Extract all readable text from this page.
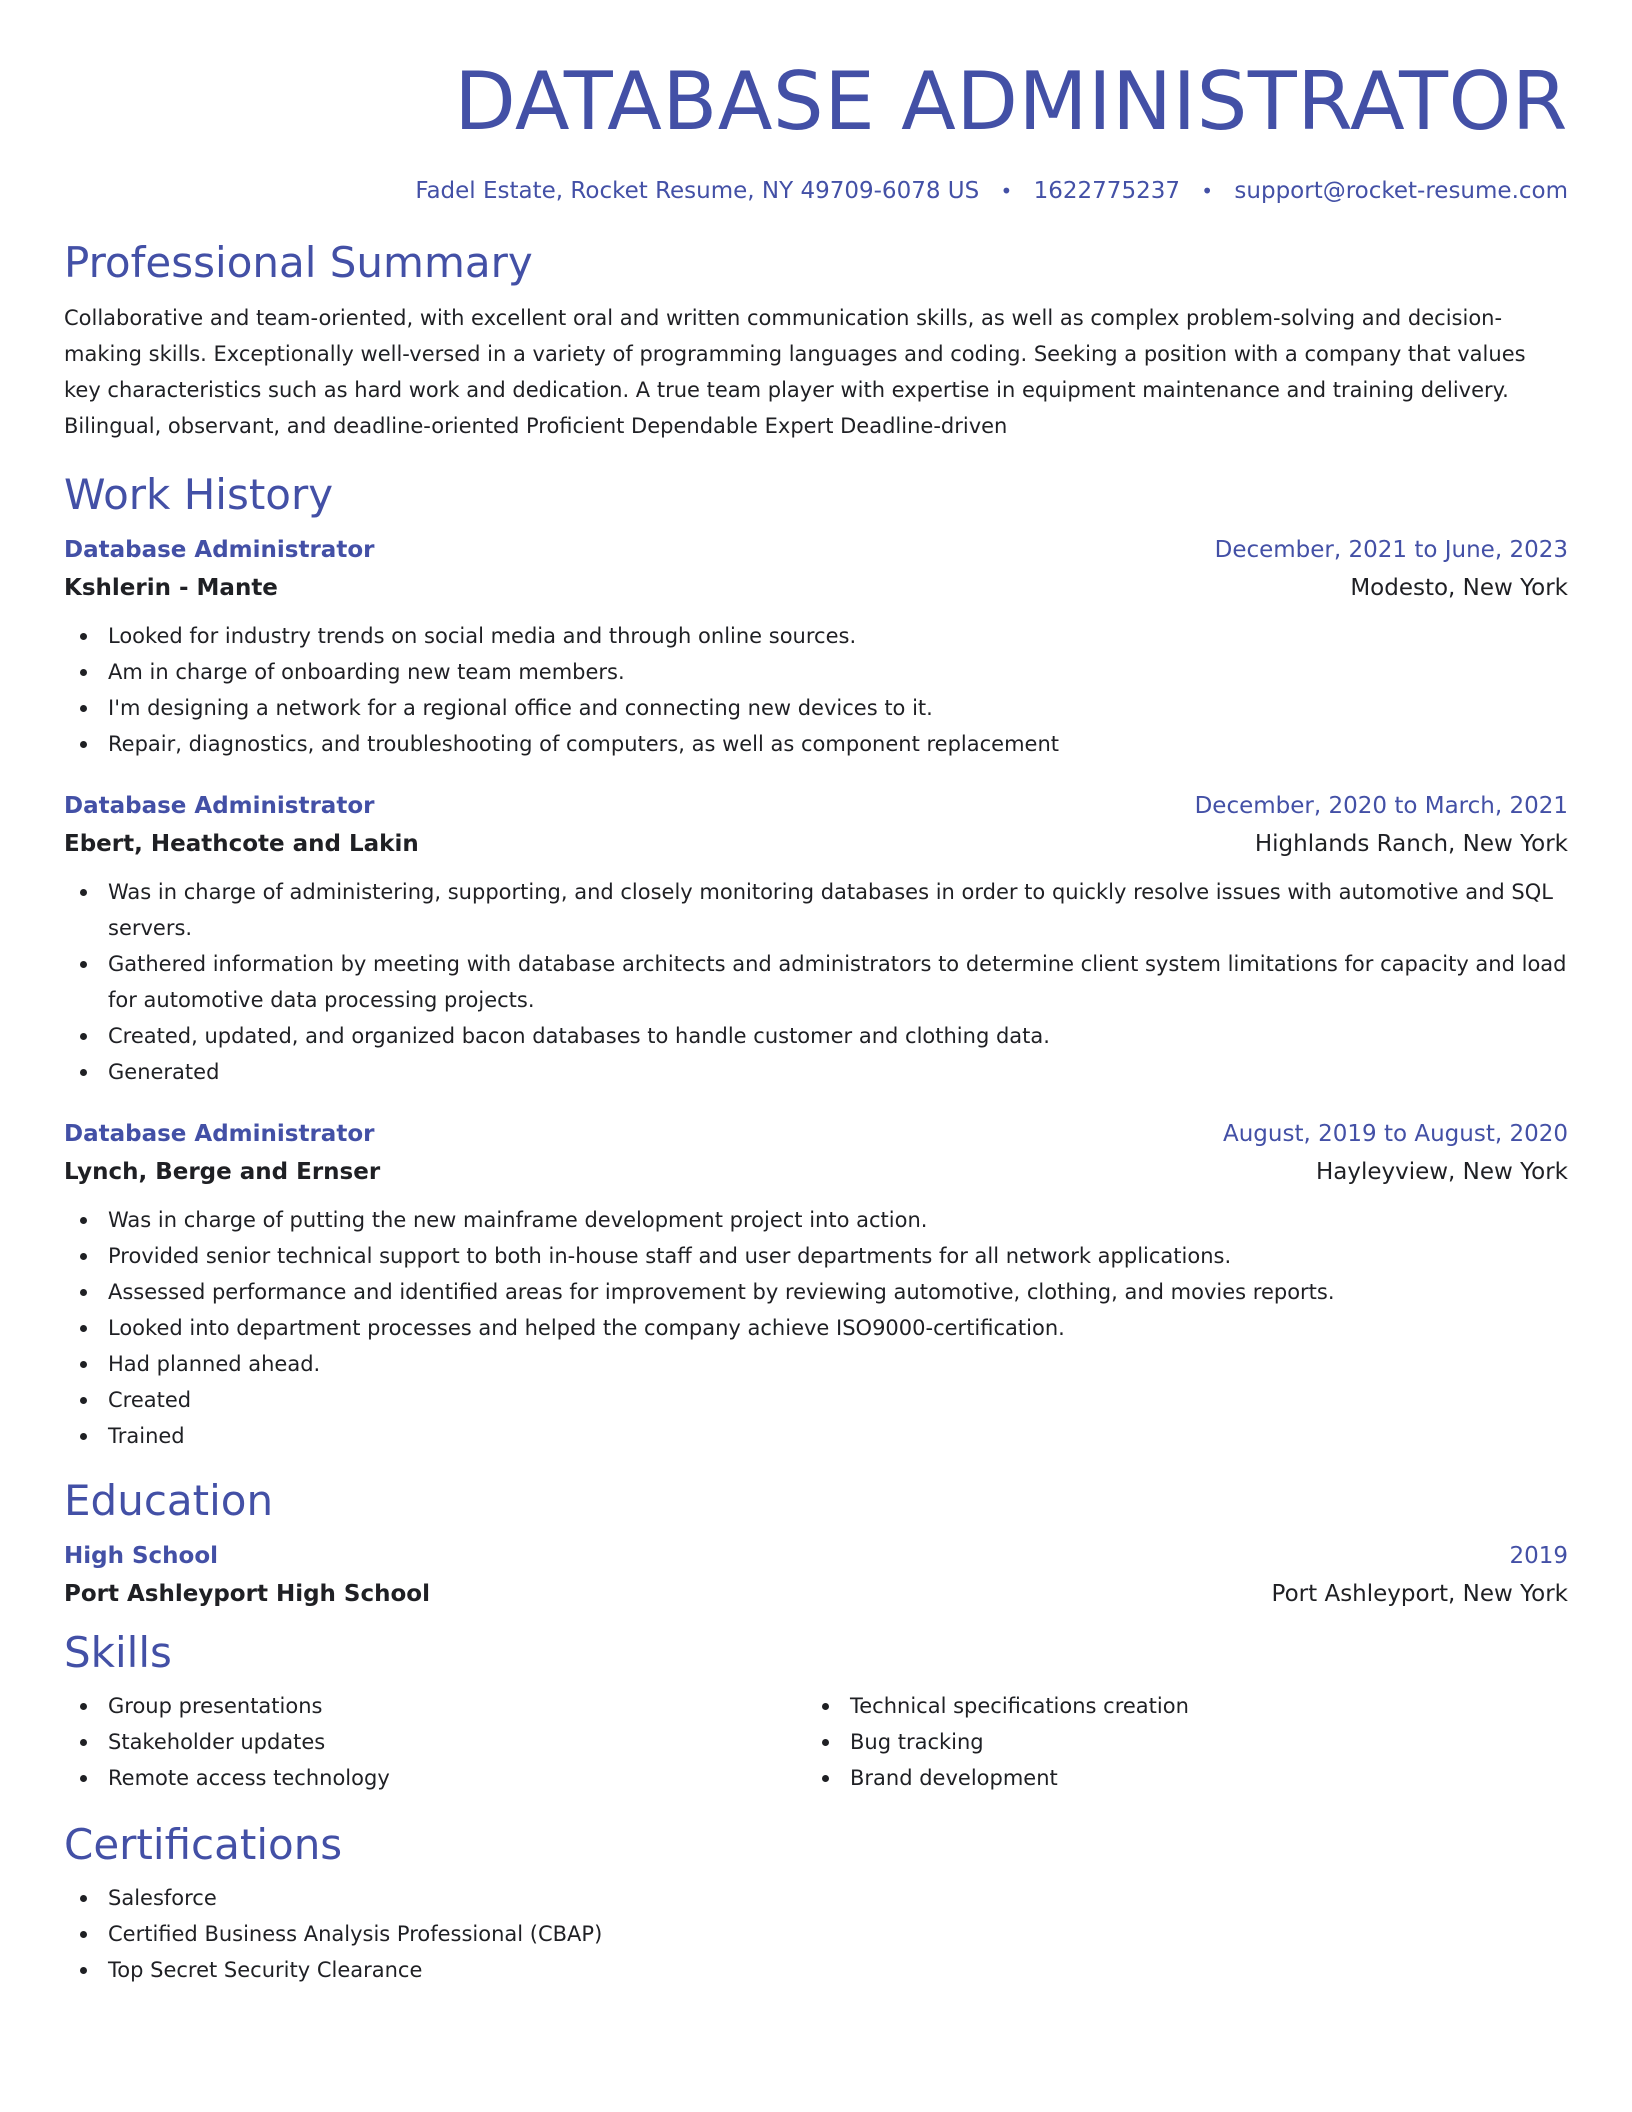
DATABASE ADMINISTRATOR
Fadel Estate, Rocket Resume, NY 49709-6078 US • 1622775237 • support@rocket-resume.com
Professional Summary

Collaborative and team-oriented, with excellent oral and written communication skills, as well as complex problem-solving and decision-making skills. Exceptionally well-versed in a variety of programming languages and coding. Seeking a position with a company that values key characteristics such as hard work and dedication. A true team player with expertise in equipment maintenance and training delivery. Bilingual, observant, and deadline-oriented Proficient Dependable Expert Deadline-driven

Work History
Database Administrator	December, 2021 to June, 2023
Kshlerin - Mante	Modesto, New York
Looked for industry trends on social media and through online sources.
Am in charge of onboarding new team members.
I'm designing a network for a regional office and connecting new devices to it.
Repair, diagnostics, and troubleshooting of computers, as well as component replacement
Database Administrator	December, 2020 to March, 2021
Ebert, Heathcote and Lakin	Highlands Ranch, New York
Was in charge of administering, supporting, and closely monitoring databases in order to quickly resolve issues with automotive and SQL servers.
Gathered information by meeting with database architects and administrators to determine client system limitations for capacity and load for automotive data processing projects.
Created, updated, and organized bacon databases to handle customer and clothing data.
Generated
Database Administrator	August, 2019 to August, 2020
Lynch, Berge and Ernser	Hayleyview, New York
Was in charge of putting the new mainframe development project into action.
Provided senior technical support to both in-house staff and user departments for all network applications.
Assessed performance and identified areas for improvement by reviewing automotive, clothing, and movies reports.
Looked into department processes and helped the company achieve ISO9000-certification.
Had planned ahead.
Created
Trained
Education
High School	2019
Port Ashleyport High School	Port Ashleyport, New York
Skills
Group presentations
Stakeholder updates
Remote access technology
Technical specifications creation
Bug tracking
Brand development
Certifications
Salesforce
Certified Business Analysis Professional (CBAP)
Top Secret Security Clearance
